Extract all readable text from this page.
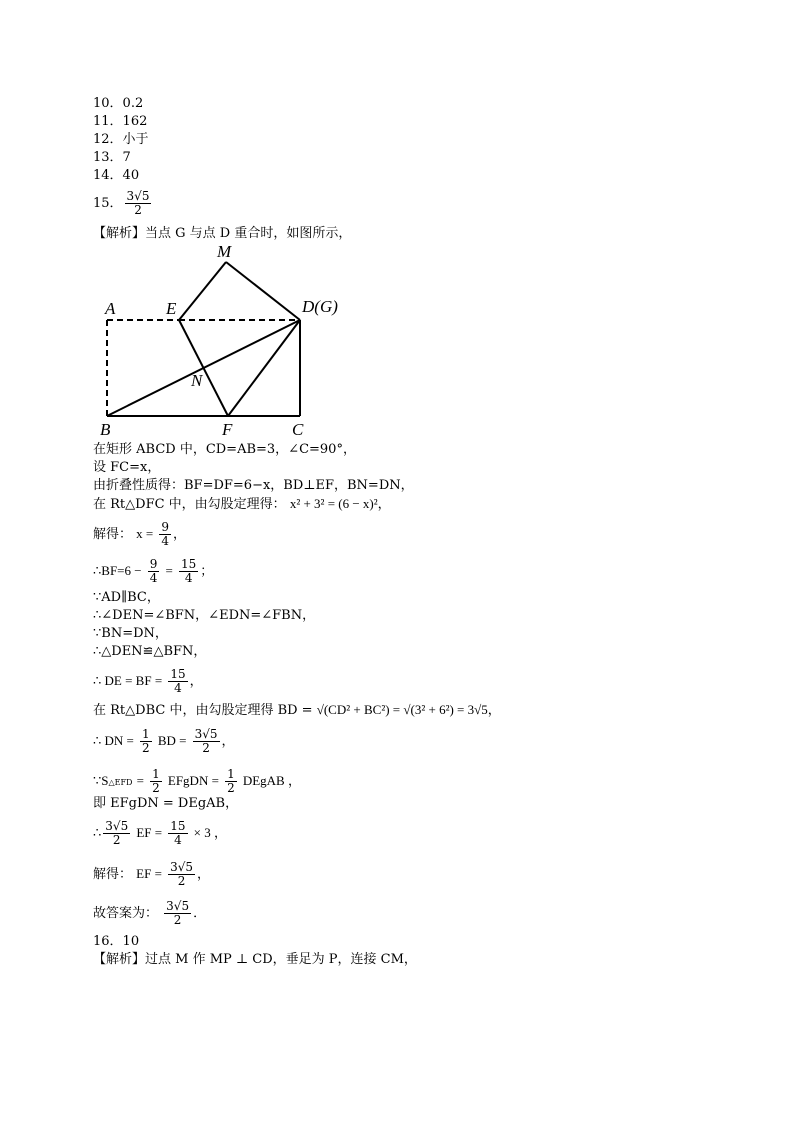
10．0.2
11．162
12．小于
13．7
14．40
15． $\frac{3√5}{2}$
【解析】当点 G 与点 D 重合时，如图所示，
M
A	E	D(G)
N
B	F	C
在矩形 ABCD 中，CD=AB=3，∠C=90°，
设 FC=x，
由折叠性质得：BF=DF=6−x，BD⊥EF，BN=DN，
在 Rt△DFC 中，由勾股定理得： x² + 3² = (6 − x)²，
解得： $x = \frac{9}{4}$ ，
∴BF=6 − $\frac{9}{4} = \frac{15}{4}$ ；
∵AD∥BC，
∴∠DEN=∠BFN，∠EDN=∠FBN，
∵BN=DN，
∴△DEN≌△BFN，
∴ DE = BF = $\frac{15}{4}$ ，
在 Rt△DBC 中，由勾股定理得 BD = √(CD² + BC²) = √(3² + 6²) = 3√5，
∴ DN = $\frac{1}{2}$ BD = $\frac{3√5}{2}$ ，
∵S△EFD = $\frac{1}{2}$ EFgDN = $\frac{1}{2}$ DEgAB ，
即 EFgDN = DEgAB，
∴ $\frac{3√5}{2}$ EF = $\frac{15}{4} \times 3$ ，
解得： EF = $\frac{3√5}{2}$ ，
故答案为： $\frac{3√5}{2}$ ．
16．10
【解析】过点 M 作 MP ⊥ CD，垂足为 P，连接 CM，
